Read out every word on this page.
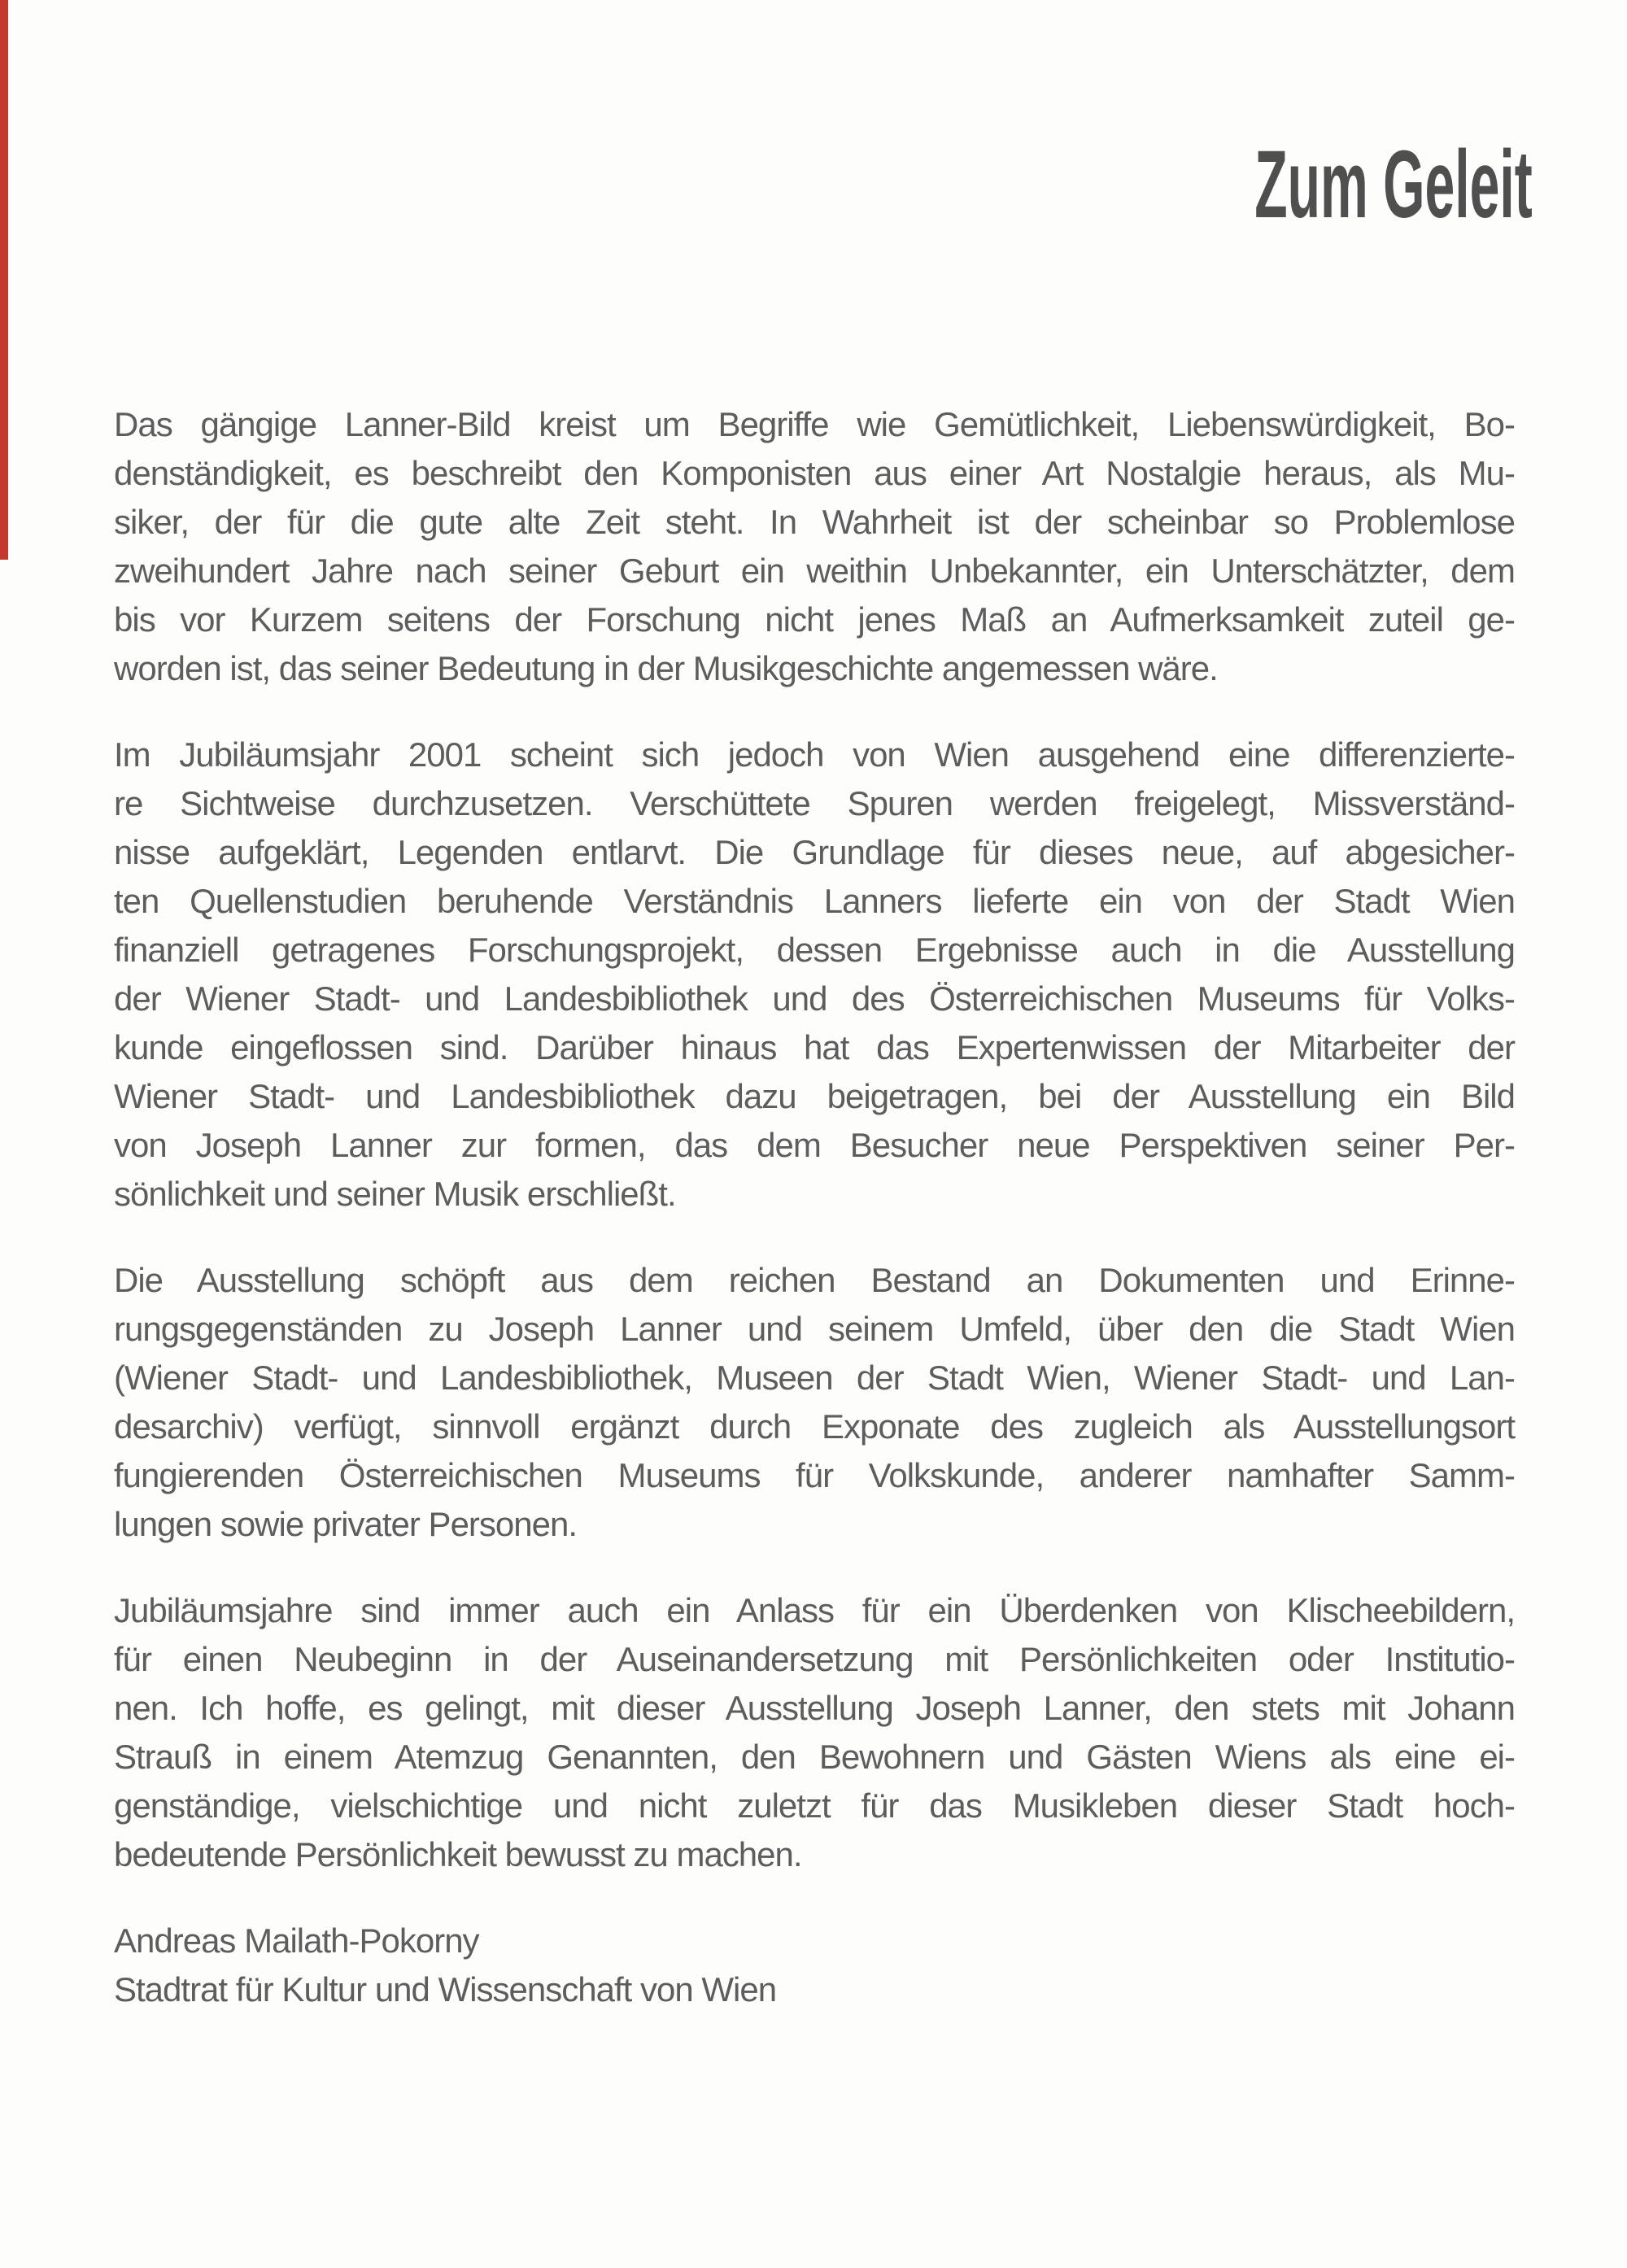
Zum Geleit
Das gängige Lanner-Bild kreist um Begriffe wie Gemütlichkeit, Liebenswürdigkeit, Bo-
denständigkeit, es beschreibt den Komponisten aus einer Art Nostalgie heraus, als Mu-
siker, der für die gute alte Zeit steht. In Wahrheit ist der scheinbar so Problemlose
zweihundert Jahre nach seiner Geburt ein weithin Unbekannter, ein Unterschätzter, dem
bis vor Kurzem seitens der Forschung nicht jenes Maß an Aufmerksamkeit zuteil ge-
worden ist, das seiner Bedeutung in der Musikgeschichte angemessen wäre.
Im Jubiläumsjahr 2001 scheint sich jedoch von Wien ausgehend eine differenzierte-
re Sichtweise durchzusetzen. Verschüttete Spuren werden freigelegt, Missverständ-
nisse aufgeklärt, Legenden entlarvt. Die Grundlage für dieses neue, auf abgesicher-
ten Quellenstudien beruhende Verständnis Lanners lieferte ein von der Stadt Wien
finanziell getragenes Forschungsprojekt, dessen Ergebnisse auch in die Ausstellung
der Wiener Stadt- und Landesbibliothek und des Österreichischen Museums für Volks-
kunde eingeflossen sind. Darüber hinaus hat das Expertenwissen der Mitarbeiter der
Wiener Stadt- und Landesbibliothek dazu beigetragen, bei der Ausstellung ein Bild
von Joseph Lanner zur formen, das dem Besucher neue Perspektiven seiner Per-
sönlichkeit und seiner Musik erschließt.
Die Ausstellung schöpft aus dem reichen Bestand an Dokumenten und Erinne-
rungsgegenständen zu Joseph Lanner und seinem Umfeld, über den die Stadt Wien
(Wiener Stadt- und Landesbibliothek, Museen der Stadt Wien, Wiener Stadt- und Lan-
desarchiv) verfügt, sinnvoll ergänzt durch Exponate des zugleich als Ausstellungsort
fungierenden Österreichischen Museums für Volkskunde, anderer namhafter Samm-
lungen sowie privater Personen.
Jubiläumsjahre sind immer auch ein Anlass für ein Überdenken von Klischeebildern,
für einen Neubeginn in der Auseinandersetzung mit Persönlichkeiten oder Institutio-
nen. Ich hoffe, es gelingt, mit dieser Ausstellung Joseph Lanner, den stets mit Johann
Strauß in einem Atemzug Genannten, den Bewohnern und Gästen Wiens als eine ei-
genständige, vielschichtige und nicht zuletzt für das Musikleben dieser Stadt hoch-
bedeutende Persönlichkeit bewusst zu machen.
Andreas Mailath-Pokorny
Stadtrat für Kultur und Wissenschaft von Wien
